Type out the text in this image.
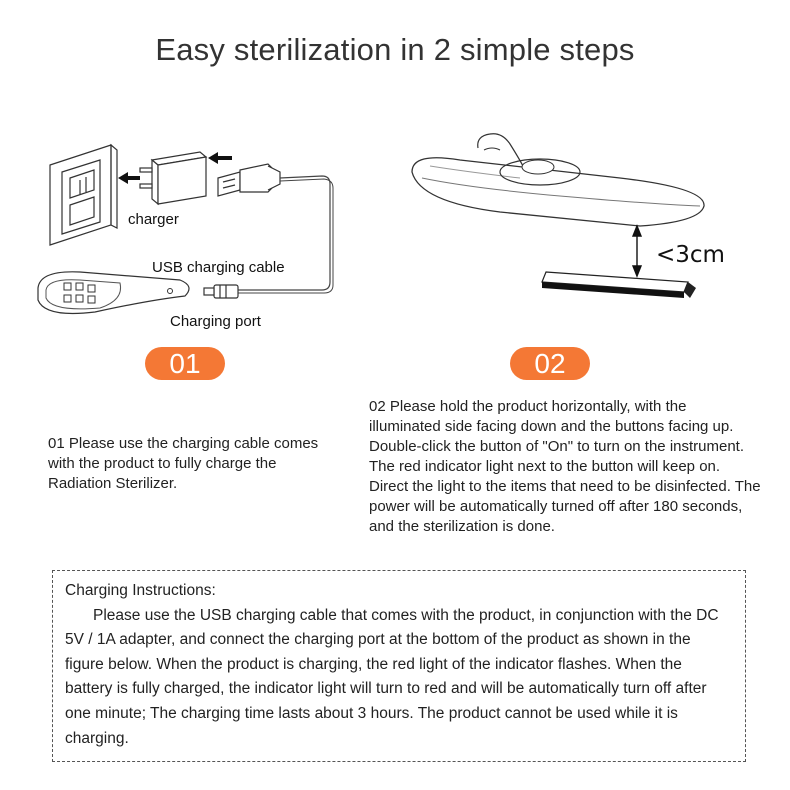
Easy sterilization in 2 simple steps
charger
USB charging cable
Charging port
<3cm
01	02
01 Please use the charging cable comes with the product to fully charge the Radiation Sterilizer.
02 Please hold the product horizontally, with the illuminated side facing down and the buttons facing up. Double-click the button of "On" to turn on the instrument. The red indicator light next to the button will keep on. Direct the light to the items that need to be disinfected. The power will be automatically turned off after 180 seconds, and the sterilization is done.

Charging Instructions:

Please use the USB charging cable that comes with the product, in conjunction with the DC 5V / 1A adapter, and connect the charging port at the bottom of the product as shown in the figure below. When the product is charging, the red light of the indicator flashes. When the battery is fully charged, the indicator light will turn to red and will be automatically turn off after one minute; The charging time lasts about 3 hours. The product cannot be used while it is charging.
